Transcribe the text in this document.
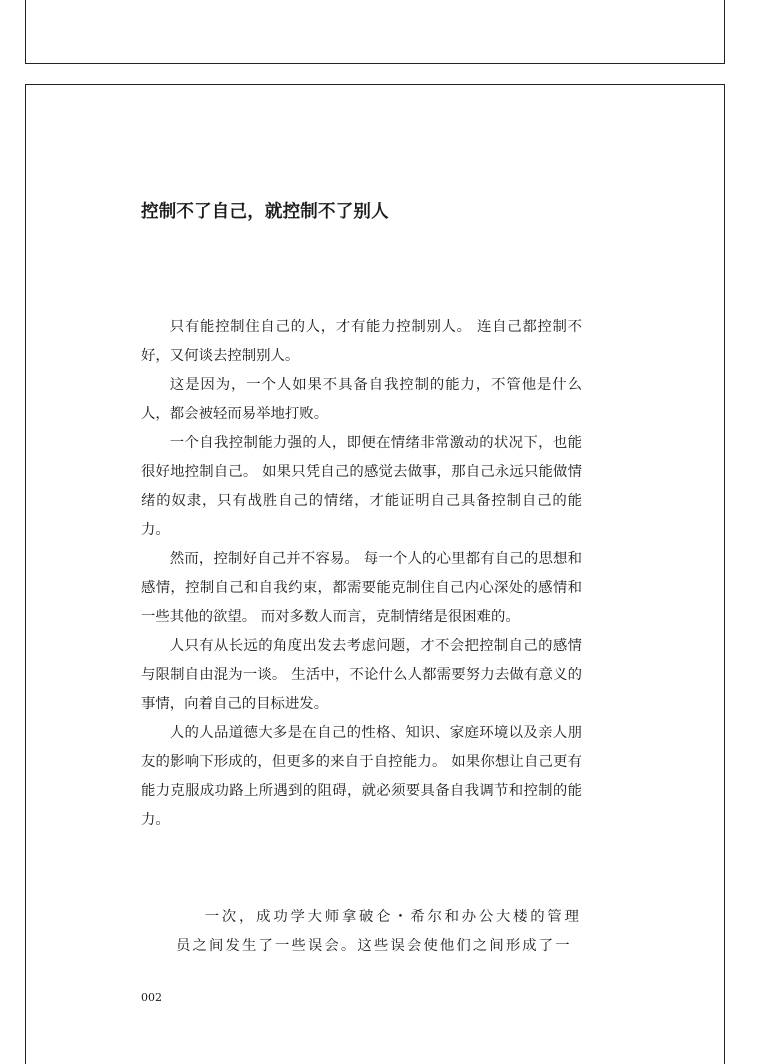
控制不了自己，就控制不了别人

只有能控制住自己的人，才有能力控制别人。 连自己都控制不好，又何谈去控制别人。

这是因为，一个人如果不具备自我控制的能力，不管他是什么人，都会被轻而易举地打败。

一个自我控制能力强的人，即便在情绪非常激动的状况下，也能很好地控制自己。 如果只凭自己的感觉去做事，那自己永远只能做情绪的奴隶，只有战胜自己的情绪，才能证明自己具备控制自己的能力。

然而，控制好自己并不容易。 每一个人的心里都有自己的思想和感情，控制自己和自我约束，都需要能克制住自己内心深处的感情和一些其他的欲望。 而对多数人而言，克制情绪是很困难的。

人只有从长远的角度出发去考虑问题，才不会把控制自己的感情与限制自由混为一谈。 生活中，不论什么人都需要努力去做有意义的事情，向着自己的目标进发。

人的人品道德大多是在自己的性格、知识、家庭环境以及亲人朋友的影响下形成的，但更多的来自于自控能力。 如果你想让自己更有能力克服成功路上所遇到的阻碍，就必须要具备自我调节和控制的能力。

一次，成功学大师拿破仑・希尔和办公大楼的管理员之间发生了一些误会。这些误会使他们之间形成了一

002
